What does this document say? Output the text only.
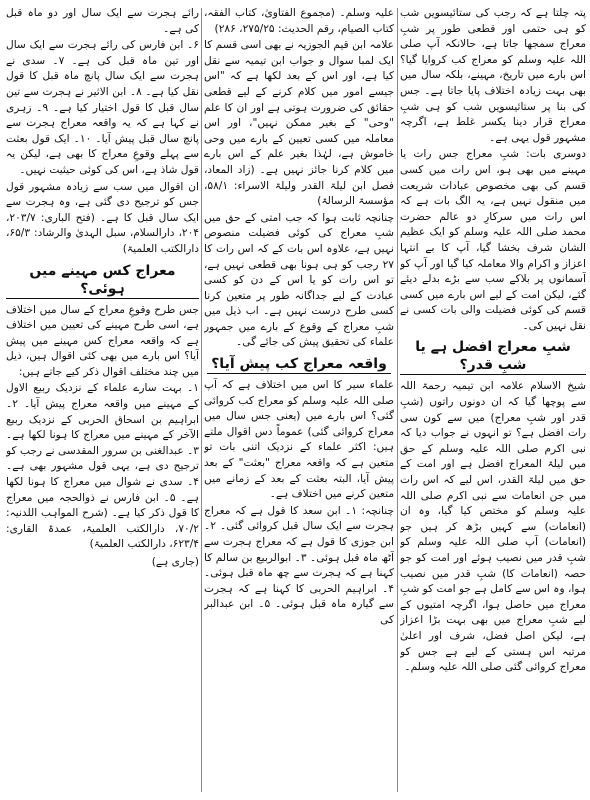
پتہ چلتا ہے کہ رجب کی ستائیسویں شب کو ہی حتمی اور قطعی طور پر شبِ معراج سمجھا جاتا ہے، حالانکہ آپ صلی اللہ علیہ وسلم کو معراج کب کروایا گیا؟ اس بارے میں تاریخ، مہینے، بلکہ سال میں بھی بہت زیادہ اختلاف پایا جاتا ہے۔ جس کی بنا پر ستائیسویں شب کو ہی شبِ معراج قرار دینا یکسر غلط ہے، اگرچہ مشہور قول یہی ہے۔

دوسری بات: شبِ معراج جس رات یا مہینے میں بھی ہو، اس رات میں کسی قسم کی بھی مخصوص عبادات شریعت میں منقول نہیں ہے، یہ الگ بات ہے کہ اس رات میں سرکارِ دو عالم حضرت محمد صلی اللہ علیہ وسلم کو ایک عظیم الشان شرف بخشا گیا، آپ کا بے انتہا اعزاز و اکرام والا معاملہ کیا گیا اور آپ کو آسمانوں پر بلاکے سب سے بڑے بدلے دیئے گئے، لیکن امت کے لیے اس بارے میں کسی قسم کی کوئی فضیلت والی بات کسی نے نقل نہیں کی۔

شبِ معراج افضل ہے یا شبِ قدر؟

شیخ الاسلام علامہ ابن تیمیہ رحمۃ اللہ سے پوچھا گیا کہ ان دونوں راتوں (شبِ قدر اور شبِ معراج) میں سے کون سی رات افضل ہے؟ تو انہوں نے جواب دیا کہ نبی اکرم صلی اللہ علیہ وسلم کے حق میں لیلۃ المعراج افضل ہے اور امت کے حق میں لیلۃ القدر، اس لیے کہ اس رات میں جن انعامات سے نبی اکرم صلی اللہ علیہ وسلم کو مختص کیا گیا، وہ ان (انعامات) سے کہیں بڑھ کر ہیں جو (انعامات) آپ صلی اللہ علیہ وسلم کو شبِ قدر میں نصیب ہوئے اور امت کو جو حصہ (انعامات کا) شبِ قدر میں نصیب ہوا، وہ اس سے کامل ہے جو امت کو شبِ معراج میں حاصل ہوا، اگرچہ امتیوں کے لیے شبِ معراج میں بھی بہت بڑا اعزاز ہے، لیکن اصل فضل، شرف اور اعلیٰ مرتبہ اس ہستی کے لیے ہے جس کو معراج کروائی گئی صلی اللہ علیہ وسلم۔

علیہ وسلم۔ (مجموع الفتاویٰ، کتاب الفقہ، کتاب الصیام، رقم الحدیث: ۲۷۵/۲۵، ۲۸۶)

علامہ ابن قیم الجوزیہ نے بھی اسی قسم کا ایک لمبا سوال و جواب ابن تیمیہ سے نقل کیا ہے، اور اس کے بعد لکھا ہے کہ "اس جیسے امور میں کلام کرنے کے لیے قطعی حقائق کی ضرورت ہوتی ہے اور ان کا علم "وحی" کے بغیر ممکن نہیں"، اور اس معاملہ میں کسی تعیین کے بارے میں وحی خاموش ہے، لہٰذا بغیر علم کے اس بارے میں کلام کرنا جائز نہیں ہے۔ (زاد المعاد، فصل ابن لیلۃ القدر ولیلۃ الاسراء: ۵۸/۱، مؤسسۃ الرسالۃ)

چنانچہ ثابت ہوا کہ جب امتی کے حق میں شبِ معراج کی کوئی فضیلت منصوص نہیں ہے، علاوہ اس بات کے کہ اس رات کا ۲۷ رجب کو ہی ہونا بھی قطعی نہیں ہے، تو اس رات کو یا اس کے دن کو کسی عبادت کے لیے جداگانہ طور پر متعین کرنا کسی طرح درست نہیں ہے۔ اب ذیل میں شبِ معراج کے وقوع کے بارے میں جمہور علماء کی تحقیق پیش کی جائے گی۔

واقعہ معراج کب پیش آیا؟

علماء سیر کا اس میں اختلاف ہے کہ آپ صلی اللہ علیہ وسلم کو معراج کب کروائی گئی؟ اس بارے میں (یعنی جس سال میں معراج کروائی گئی) عموماً دس اقوال ملتے ہیں: اکثر علماء کے نزدیک اتنی بات تو متعین ہے کہ واقعہ معراج "بعثت" کے بعد پیش آیا، البتہ بعثت کے بعد کے زمانے میں متعین کرنے میں اختلاف ہے۔

چنانچہ: ۱۔ ابن سعد کا قول ہے کہ معراج ہجرت سے ایک سال قبل کروائی گئی۔ ۲۔ ابن جوزی کا قول ہے کہ معراج ہجرت سے آٹھ ماہ قبل ہوئی۔ ۳۔ ابوالربیع بن سالم کا کہنا ہے کہ ہجرت سے چھ ماہ قبل ہوئی۔ ۴۔ ابراہیم الحربی کا کہنا ہے کہ ہجرت سے گیارہ ماہ قبل ہوئی۔ ۵۔ ابن عبدالبر کی

رائے ہجرت سے ایک سال اور دو ماہ قبل کی ہے۔

۶۔ ابن فارس کی رائے ہجرت سے ایک سال اور تین ماہ قبل کی ہے۔ ۷۔ سدی نے ہجرت سے ایک سال پانچ ماہ قبل کا قول نقل کیا ہے۔ ۸۔ ابن الاثیر نے ہجرت سے تین سال قبل کا قول اختیار کیا ہے۔ ۹۔ زہری نے کہا ہے کہ یہ واقعہ معراج ہجرت سے پانچ سال قبل پیش آیا۔ ۱۰۔ ایک قول بعثت سے پہلے وقوعِ معراج کا بھی ہے، لیکن یہ قول شاذ ہے، اس کی کوئی حیثیت نہیں۔

ان اقوال میں سب سے زیادہ مشہور قول جس کو ترجیح دی گئی ہے، وہ ہجرت سے ایک سال قبل کا ہے۔ (فتح الباری: ۲۰۳/۷، ۲۰۴، دارالسلام، سبل الہدیٰ والرشاد: ۶۵/۳، دارالکتب العلمیۃ)

معراج کس مہینے میں ہوئی؟

جس طرح وقوعِ معراج کے سال میں اختلاف ہے، اسی طرح مہینے کی تعیین میں اختلاف ہے کہ واقعہ معراج کس مہینے میں پیش آیا؟ اس بارے میں بھی کئی اقوال ہیں، ذیل میں چند مختلف اقوال ذکر کیے جاتے ہیں:

۱۔ بہت سارے علماء کے نزدیک ربیع الاول کے مہینے میں واقعہ معراج پیش آیا۔ ۲۔ ابراہیم بن اسحاق الحربی کے نزدیک ربیع الآخر کے مہینے میں معراج کا ہونا لکھا ہے۔ ۳۔ عبدالغنی بن سرور المقدسی نے رجب کو ترجیح دی ہے، یہی قول مشہور بھی ہے۔ ۴۔ سدی نے شوال میں معراج کا ہونا لکھا ہے۔ ۵۔ ابن فارس نے ذوالحجہ میں معراج کا قول ذکر کیا ہے۔ (شرح المواہب اللدنیہ: ۷۰/۲، دارالکتب العلمیۃ، عمدۃ القاری: ۶۲۳/۴، دارالکتب العلمیۃ)

(جاری ہے)
